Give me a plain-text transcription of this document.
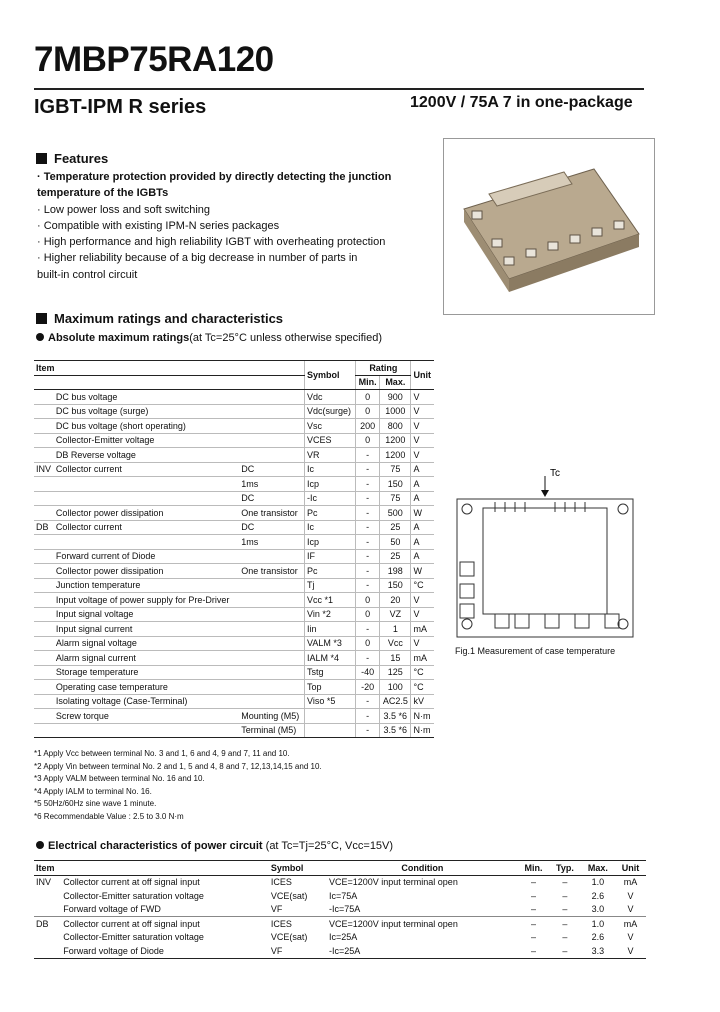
7MBP75RA120
IGBT-IPM R series	1200V / 75A 7 in one-package
Features
· Temperature protection provided by directly detecting the junction
temperature of the IGBTs
· Low power loss and soft switching
· Compatible with existing IPM-N series packages
· High performance and high reliability IGBT with overheating protection
· Higher reliability because of a big decrease in number of parts in
built-in control circuit
Maximum ratings and characteristics
Absolute maximum ratings(at Tc=25°C unless otherwise specified)
Item			Symbol	Rating		Unit
				Min.	Max.	
	DC bus voltage		Vdc	0	900	V
	DC bus voltage (surge)		Vdc(surge)	0	1000	V
	DC bus voltage (short operating)		Vsc	200	800	V
	Collector-Emitter voltage		VCES	0	1200	V
	DB Reverse voltage		VR	-	1200	V
INV	Collector current	DC	Ic	-	75	A
		1ms	Icp	-	150	A
		DC	-Ic	-	75	A
	Collector power dissipation	One transistor	Pc	-	500	W
DB	Collector current	DC	Ic	-	25	A
		1ms	Icp	-	50	A
	Forward current of Diode		IF	-	25	A
	Collector power dissipation	One transistor	Pc	-	198	W
	Junction temperature		Tj	-	150	°C
	Input voltage of power supply for Pre-Driver		Vcc *1	0	20	V
	Input signal voltage		Vin *2	0	VZ	V
	Input signal current		Iin	-	1	mA
	Alarm signal voltage		VALM *3	0	Vcc	V
	Alarm signal current		IALM *4	-	15	mA
	Storage temperature		Tstg	-40	125	°C
	Operating case temperature		Top	-20	100	°C
	Isolating voltage (Case-Terminal)		Viso *5	-	AC2.5	kV
	Screw torque	Mounting (M5)		-	3.5 *6	N·m
		Terminal (M5)		-	3.5 *6	N·m
Tc
Fig.1 Measurement of case temperature
*1 Apply Vcc between terminal No. 3 and 1, 6 and 4, 9 and 7, 11 and 10.
*2 Apply Vin between terminal No. 2 and 1, 5 and 4, 8 and 7, 12,13,14,15 and 10.
*3 Apply VALM between terminal No. 16 and 10.
*4 Apply IALM to terminal No. 16.
*5 50Hz/60Hz sine wave 1 minute.
*6 Recommendable Value : 2.5 to 3.0 N·m
Electrical characteristics of power circuit (at Tc=Tj=25°C, Vcc=15V)
Item		Symbol	Condition	Min.	Typ.	Max.	Unit
INV	Collector current at off signal input	ICES	VCE=1200V input terminal open	–	–	1.0	mA
	Collector-Emitter saturation voltage	VCE(sat)	Ic=75A	–	–	2.6	V
	Forward voltage of FWD	VF	-Ic=75A	–	–	3.0	V
DB	Collector current at off signal input	ICES	VCE=1200V input terminal open	–	–	1.0	mA
	Collector-Emitter saturation voltage	VCE(sat)	Ic=25A	–	–	2.6	V
	Forward voltage of Diode	VF	-Ic=25A	–	–	3.3	V
